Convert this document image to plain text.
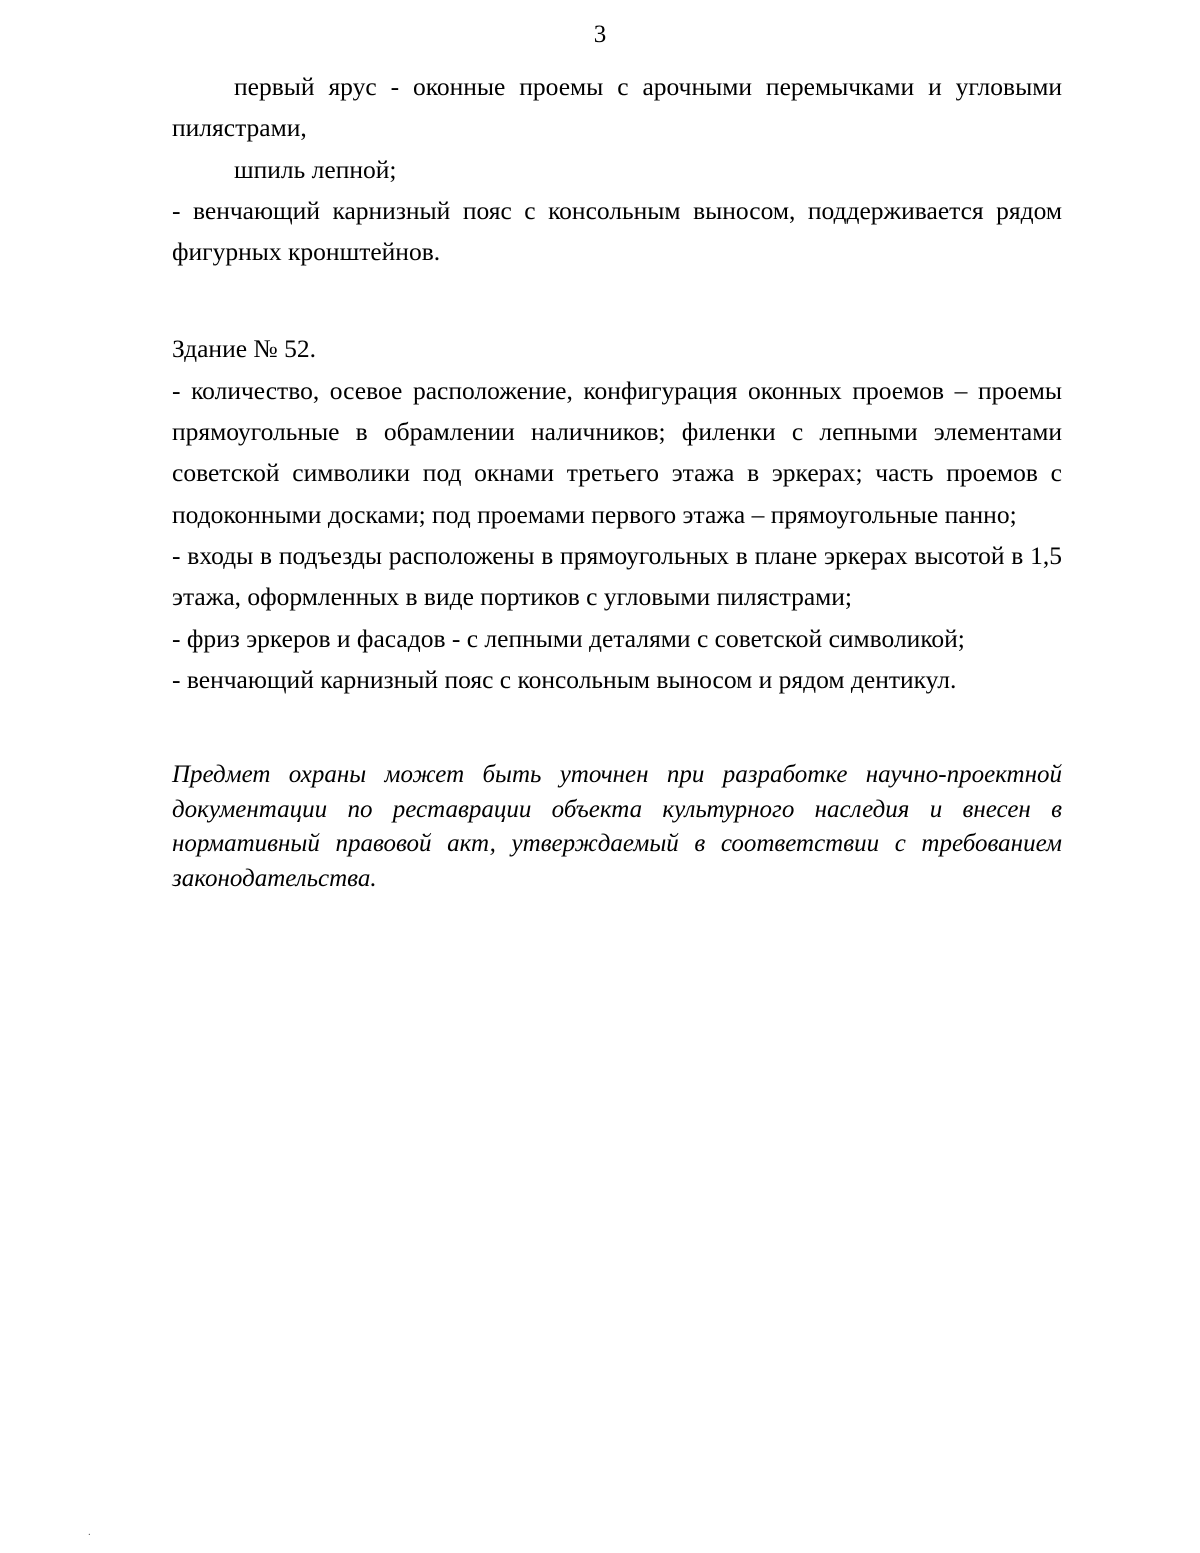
3

первый ярус - оконные проемы с арочными перемычками и угловыми пилястрами,

шпиль лепной;

- венчающий карнизный пояс с консольным выносом, поддерживается рядом фигурных кронштейнов.

Здание № 52.

- количество, осевое расположение, конфигурация оконных проемов – проемы прямоугольные в обрамлении наличников; филенки с лепными элементами советской символики под окнами третьего этажа в эркерах; часть проемов с подоконными досками; под проемами первого этажа – прямоугольные панно;

- входы в подъезды расположены в прямоугольных в плане эркерах высотой в 1,5 этажа, оформленных в виде портиков с угловыми пилястрами;

- фриз эркеров и фасадов - с лепными деталями с советской символикой;

- венчающий карнизный пояс с консольным выносом и рядом дентикул.

Предмет охраны может быть уточнен при разработке научно-проектной документации по реставрации объекта культурного наследия и внесен в нормативный правовой акт, утверждаемый в соответствии с требованием законодательства.

.
